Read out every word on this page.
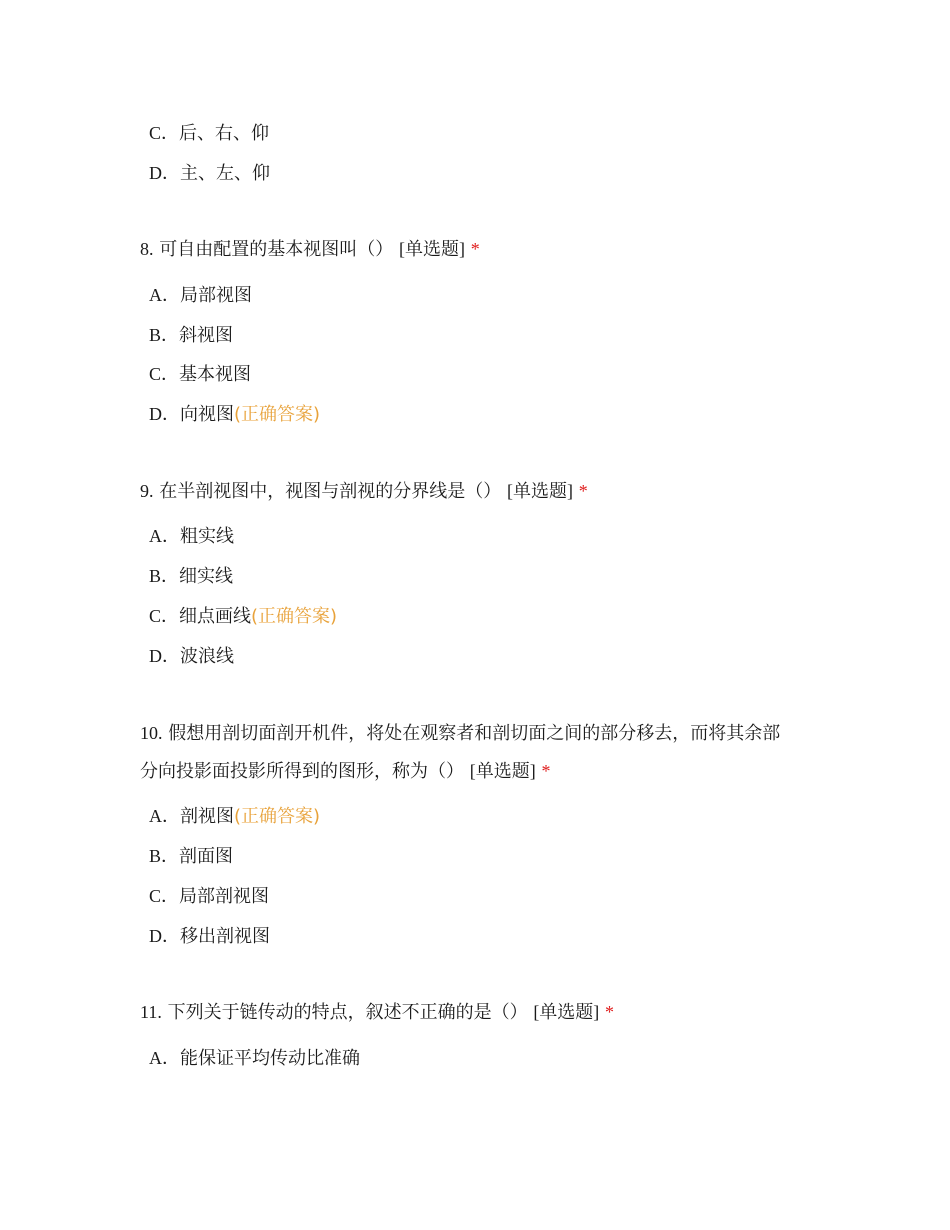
C．后、右、仰
D．主、左、仰
8. 可自由配置的基本视图叫（） [单选题] *
A．局部视图
B．斜视图
C．基本视图
D．向视图(正确答案)
9. 在半剖视图中，视图与剖视的分界线是（） [单选题] *
A．粗实线
B．细实线
C．细点画线(正确答案)
D．波浪线
10. 假想用剖切面剖开机件，将处在观察者和剖切面之间的部分移去，而将其余部
分向投影面投影所得到的图形，称为（） [单选题] *
A．剖视图(正确答案)
B．剖面图
C．局部剖视图
D．移出剖视图
11. 下列关于链传动的特点，叙述不正确的是（） [单选题] *
A．能保证平均传动比准确
